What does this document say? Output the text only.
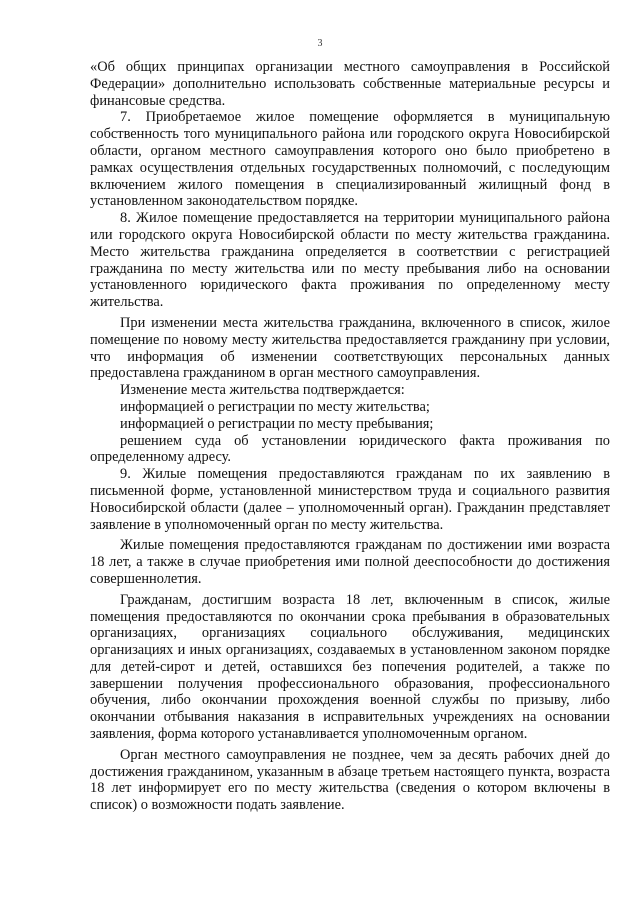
3

«Об общих принципах организации местного самоуправления в Российской Федерации» дополнительно использовать собственные материальные ресурсы и финансовые средства.

7. Приобретаемое жилое помещение оформляется в муниципальную собственность того муниципального района или городского округа Новосибирской области, органом местного самоуправления которого оно было приобретено в рамках осуществления отдельных государственных полномочий, с последующим включением жилого помещения в специализированный жилищный фонд в установленном законодательством порядке.

8. Жилое помещение предоставляется на территории муниципального района или городского округа Новосибирской области по месту жительства гражданина. Место жительства гражданина определяется в соответствии с регистрацией гражданина по месту жительства или по месту пребывания либо на основании установленного юридического факта проживания по определенному месту жительства.

При изменении места жительства гражданина, включенного в список, жилое помещение по новому месту жительства предоставляется гражданину при условии, что информация об изменении соответствующих персональных данных предоставлена гражданином в орган местного самоуправления.

Изменение места жительства подтверждается:

информацией о регистрации по месту жительства;

информацией о регистрации по месту пребывания;

решением суда об установлении юридического факта проживания по определенному адресу.

9. Жилые помещения предоставляются гражданам по их заявлению в письменной форме, установленной министерством труда и социального развития Новосибирской области (далее – уполномоченный орган). Гражданин представляет заявление в уполномоченный орган по месту жительства.

Жилые помещения предоставляются гражданам по достижении ими возраста 18 лет, а также в случае приобретения ими полной дееспособности до достижения совершеннолетия.

Гражданам, достигшим возраста 18 лет, включенным в список, жилые помещения предоставляются по окончании срока пребывания в образовательных организациях, организациях социального обслуживания, медицинских организациях и иных организациях, создаваемых в установленном законом порядке для детей-сирот и детей, оставшихся без попечения родителей, а также по завершении получения профессионального образования, профессионального обучения, либо окончании прохождения военной службы по призыву, либо окончании отбывания наказания в исправительных учреждениях на основании заявления, форма которого устанавливается уполномоченным органом.

Орган местного самоуправления не позднее, чем за десять рабочих дней до достижения гражданином, указанным в абзаце третьем настоящего пункта, возраста 18 лет информирует его по месту жительства (сведения о котором включены в список) о возможности подать заявление.
